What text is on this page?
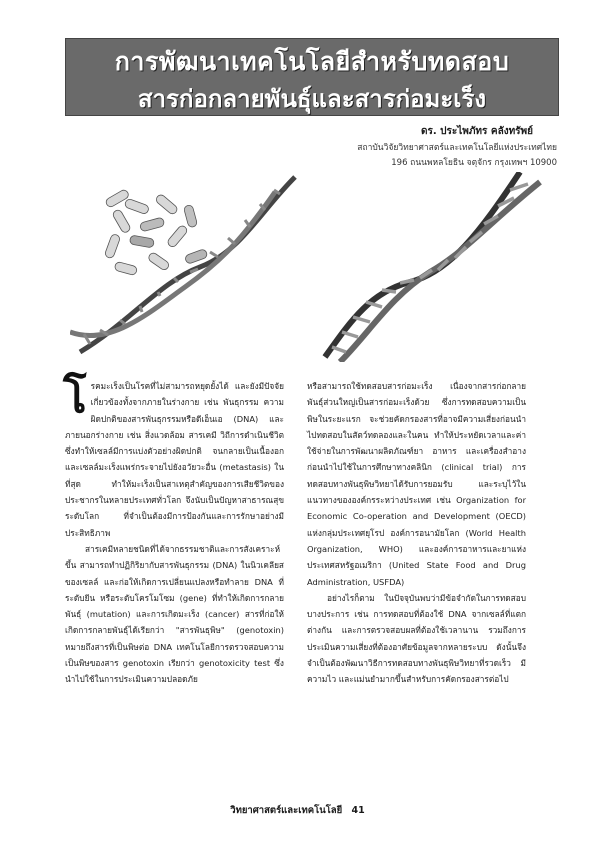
การพัฒนาเทคโนโลยีสำหรับทดสอบ
สารก่อกลายพันธุ์และสารก่อมะเร็ง
ดร. ประไพภัทร คลังทรัพย์
สถาบันวิจัยวิทยาศาสตร์และเทคโนโลยีแห่งประเทศไทย
196 ถนนพหลโยธิน จตุจักร กรุงเทพฯ 10900

โรคมะเร็งเป็นโรคที่ไม่สามารถหยุดยั้งได้ และยังมีปัจจัยเกี่ยวข้องทั้งจากภายในร่างกาย เช่น พันธุกรรม ความผิดปกติของสารพันธุกรรมหรือดีเอ็นเอ (DNA) และภายนอกร่างกาย เช่น สิ่งแวดล้อม สารเคมี วิถีการดำเนินชีวิต ซึ่งทำให้เซลล์มีการแบ่งตัวอย่างผิดปกติ จนกลายเป็นเนื้องอก และเซลล์มะเร็งแพร่กระจายไปยังอวัยวะอื่น (metastasis) ในที่สุด ทำให้มะเร็งเป็นสาเหตุสำคัญของการเสียชีวิตของประชากรในหลายประเทศทั่วโลก จึงนับเป็นปัญหาสาธารณสุขระดับโลก ที่จำเป็นต้องมีการป้องกันและการรักษาอย่างมีประสิทธิภาพ

สารเคมีหลายชนิดที่ได้จากธรรมชาติและการสังเคราะห์ขึ้น สามารถทำปฏิกิริยากับสารพันธุกรรม (DNA) ในนิวเคลียสของเซลล์ และก่อให้เกิดการเปลี่ยนแปลงหรือทำลาย DNA ที่ระดับยีน หรือระดับโครโมโซม (gene) ที่ทำให้เกิดการกลายพันธุ์ (mutation) และการเกิดมะเร็ง (cancer) สารที่ก่อให้เกิดการกลายพันธุ์ได้เรียกว่า "สารพันธุพิษ" (genotoxin) หมายถึงสารที่เป็นพิษต่อ DNA เทคโนโลยีการตรวจสอบความเป็นพิษของสาร genotoxin เรียกว่า genotoxicity test ซึ่งนำไปใช้ในการประเมินความปลอดภัย

หรือสามารถใช้ทดสอบสารก่อมะเร็ง เนื่องจากสารก่อกลายพันธุ์ส่วนใหญ่เป็นสารก่อมะเร็งด้วย ซึ่งการทดสอบความเป็นพิษในระยะแรก จะช่วยคัดกรองสารที่อาจมีความเสี่ยงก่อนนำไปทดสอบในสัตว์ทดลองและในคน ทำให้ประหยัดเวลาและค่าใช้จ่ายในการพัฒนาผลิตภัณฑ์ยา อาหาร และเครื่องสำอาง ก่อนนำไปใช้ในการศึกษาทางคลินิก (clinical trial) การทดสอบทางพันธุพิษวิทยาได้รับการยอมรับ และระบุไว้ในแนวทางขององค์กรระหว่างประเทศ เช่น Organization for Economic Co-operation and Development (OECD) แห่งกลุ่มประเทศยุโรป องค์การอนามัยโลก (World Health Organization, WHO) และองค์การอาหารและยาแห่งประเทศสหรัฐอเมริกา (United State Food and Drug Administration, USFDA)

อย่างไรก็ตาม ในปัจจุบันพบว่ามีข้อจำกัดในการทดสอบบางประการ เช่น การทดสอบที่ต้องใช้ DNA จากเซลล์ที่แตกต่างกัน และการตรวจสอบผลที่ต้องใช้เวลานาน รวมถึงการประเมินความเสี่ยงที่ต้องอาศัยข้อมูลจากหลายระบบ ดังนั้นจึงจำเป็นต้องพัฒนาวิธีการทดสอบทางพันธุพิษวิทยาที่รวดเร็ว มีความไว และแม่นยำมากขึ้นสำหรับการคัดกรองสารต่อไป

วิทยาศาสตร์และเทคโนโลยี 41
